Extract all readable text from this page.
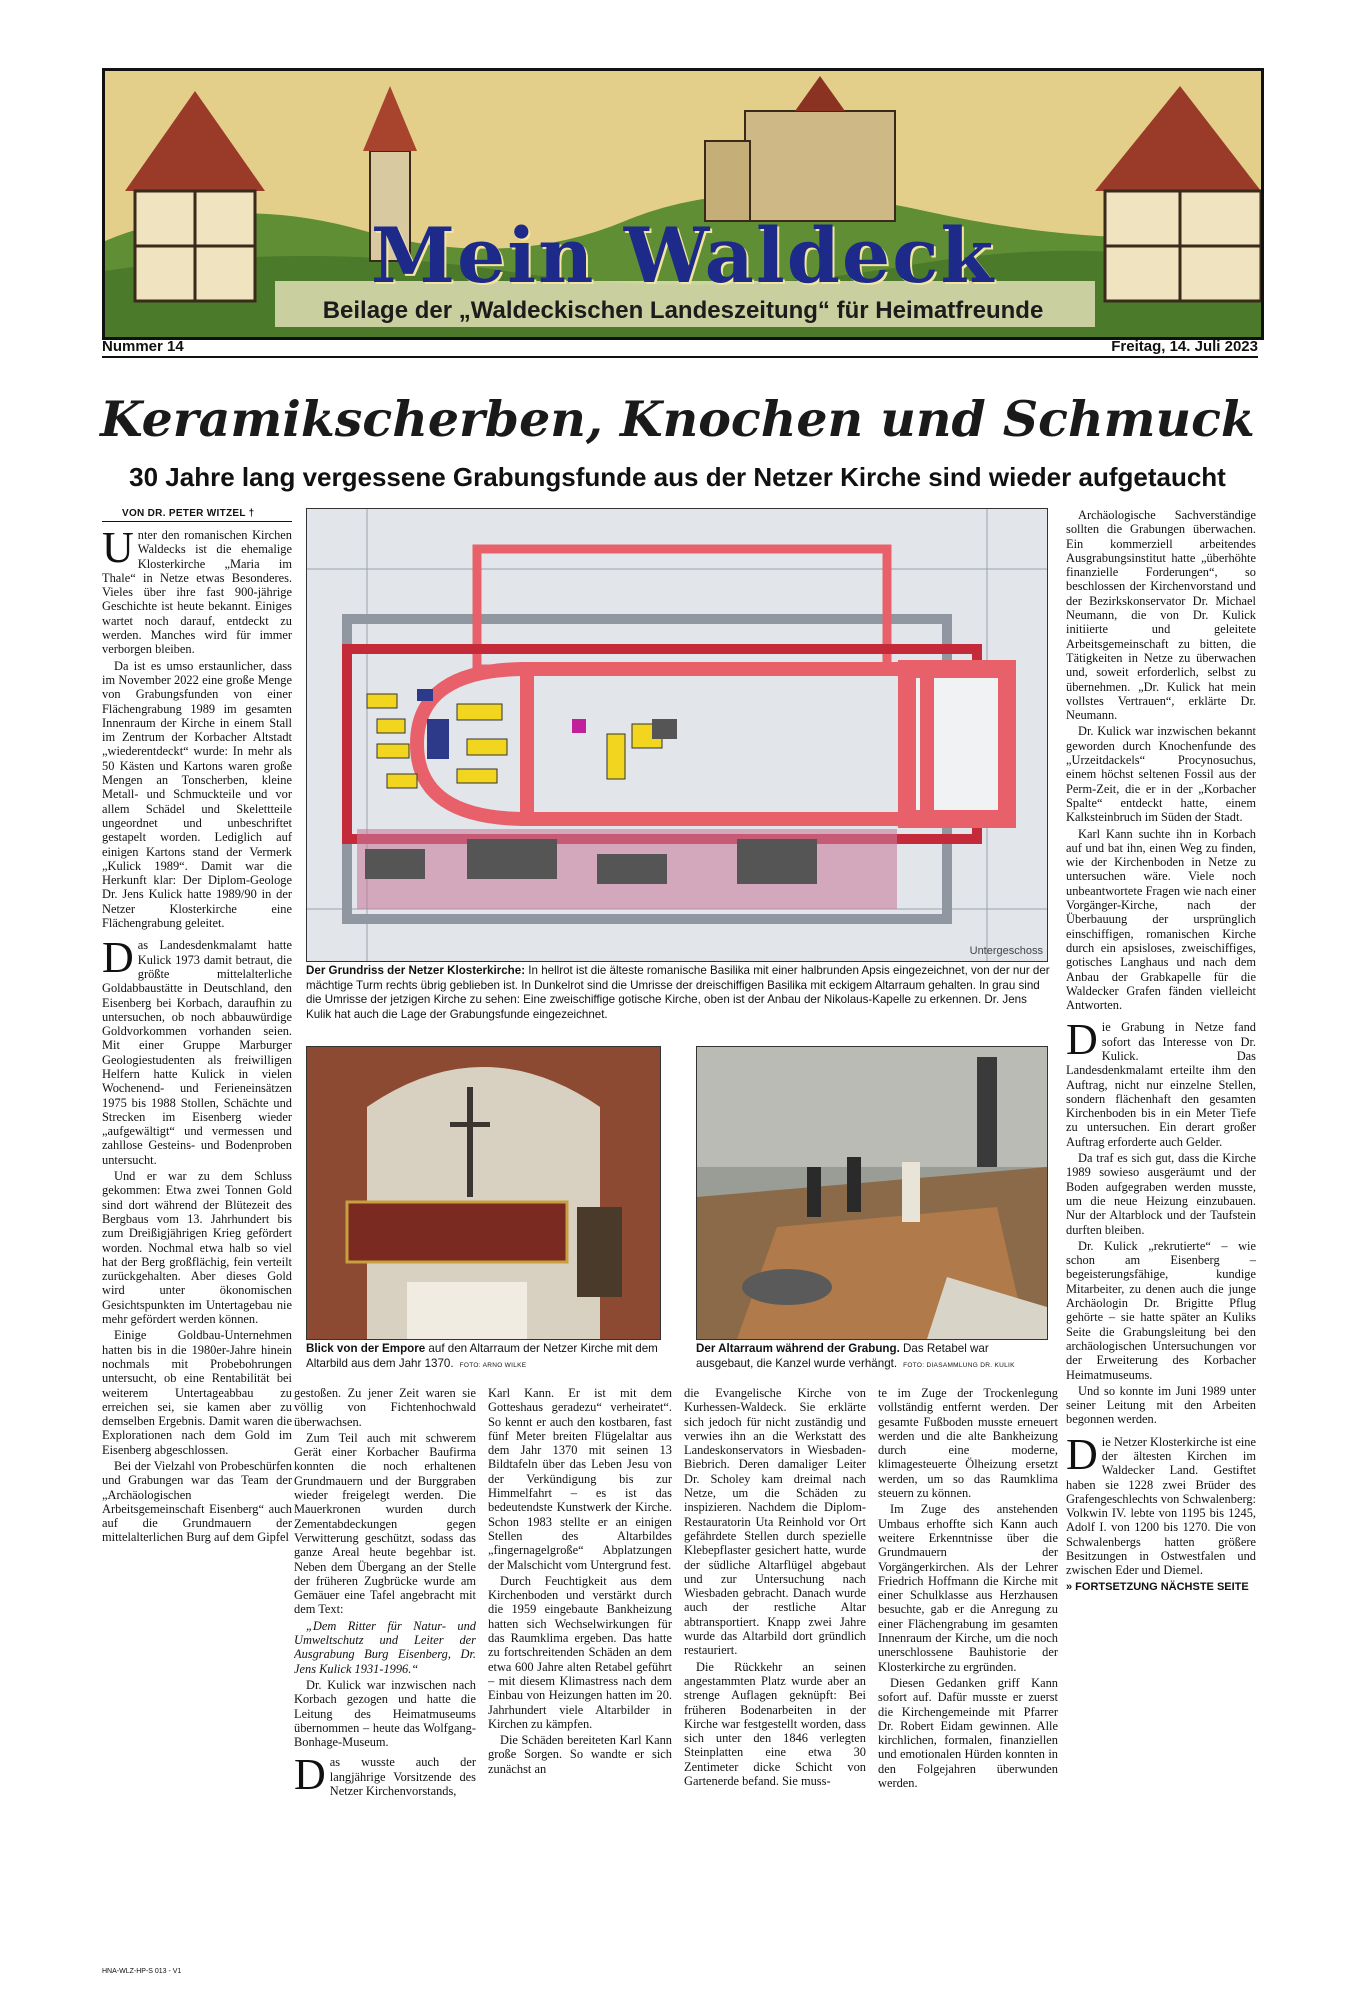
Mein Waldeck
Beilage der „Waldeckischen Landeszeitung“ für Heimatfreunde
Nummer 14	Freitag, 14. Juli 2023
Keramikscherben, Knochen und Schmuck
30 Jahre lang vergessene Grabungsfunde aus der Netzer Kirche sind wieder aufgetaucht
VON DR. PETER WITZEL †

Unter den romanischen Kirchen Waldecks ist die ehemalige Klosterkirche „Maria im Thale“ in Netze etwas Besonderes. Vieles über ihre fast 900-jährige Geschichte ist heute bekannt. Einiges wartet noch darauf, entdeckt zu werden. Manches wird für immer verborgen bleiben.

Da ist es umso erstaunlicher, dass im November 2022 eine große Menge von Grabungsfunden von einer Flächengrabung 1989 im gesamten Innenraum der Kirche in einem Stall im Zentrum der Korbacher Altstadt „wiederentdeckt“ wurde: In mehr als 50 Kästen und Kartons waren große Mengen an Tonscherben, kleine Metall- und Schmuckteile und vor allem Schädel und Skelettteile ungeordnet und unbeschriftet gestapelt worden. Lediglich auf einigen Kartons stand der Vermerk „Kulick 1989“. Damit war die Herkunft klar: Der Diplom-Geologe Dr. Jens Kulick hatte 1989/90 in der Netzer Klosterkirche eine Flächengrabung geleitet.

Das Landesdenkmalamt hatte Kulick 1973 damit betraut, die größte mittelalterliche Goldabbaustätte in Deutschland, den Eisenberg bei Korbach, daraufhin zu untersuchen, ob noch abbauwürdige Goldvorkommen vorhanden seien. Mit einer Gruppe Marburger Geologiestudenten als freiwilligen Helfern hatte Kulick in vielen Wochenend- und Ferieneinsätzen 1975 bis 1988 Stollen, Schächte und Strecken im Eisenberg wieder „aufgewältigt“ und vermessen und zahllose Gesteins- und Bodenproben untersucht.

Und er war zu dem Schluss gekommen: Etwa zwei Tonnen Gold sind dort während der Blütezeit des Bergbaus vom 13. Jahrhundert bis zum Dreißigjährigen Krieg gefördert worden. Nochmal etwa halb so viel hat der Berg großflächig, fein verteilt zurückgehalten. Aber dieses Gold wird unter ökonomischen Gesichtspunkten im Untertagebau nie mehr gefördert werden können.

Einige Goldbau-Unternehmen hatten bis in die 1980er-Jahre hinein nochmals mit Probebohrungen untersucht, ob eine Rentabilität bei weiterem Untertageabbau zu erreichen sei, sie kamen aber zu demselben Ergebnis. Damit waren die Explorationen nach dem Gold im Eisenberg abgeschlossen.

Bei der Vielzahl von Probeschürfen und Grabungen war das Team der „Archäologischen Arbeitsgemeinschaft Eisenberg“ auch auf die Grundmauern der mittelalterlichen Burg auf dem Gipfel

Untergeschoss
Der Grundriss der Netzer Klosterkirche: In hellrot ist die älteste romanische Basilika mit einer halbrunden Apsis eingezeichnet, von der nur der mächtige Turm rechts übrig geblieben ist. In Dunkelrot sind die Umrisse der dreischiffigen Basilika mit eckigem Altarraum gehalten. In grau sind die Umrisse der jetzigen Kirche zu sehen: Eine zweischiffige gotische Kirche, oben ist der Anbau der Nikolaus-Kapelle zu erkennen. Dr. Jens Kulik hat auch die Lage der Grabungsfunde eingezeichnet.
Blick von der Empore auf den Altarraum der Netzer Kirche mit dem Altarbild aus dem Jahr 1370. FOTO: ARNO WILKE
Der Altarraum während der Grabung. Das Retabel war ausgebaut, die Kanzel wurde verhängt. FOTO: DIASAMMLUNG DR. KULIK

gestoßen. Zu jener Zeit waren sie völlig von Fichtenhochwald überwachsen.

Zum Teil auch mit schwerem Gerät einer Korbacher Baufirma konnten die noch erhaltenen Grundmauern und der Burggraben wieder freigelegt werden. Die Mauerkronen wurden durch Zementabdeckungen gegen Verwitterung geschützt, sodass das ganze Areal heute begehbar ist. Neben dem Übergang an der Stelle der früheren Zugbrücke wurde am Gemäuer eine Tafel angebracht mit dem Text:

„Dem Ritter für Natur- und Umweltschutz und Leiter der Ausgrabung Burg Eisenberg, Dr. Jens Kulick 1931-1996.“

Dr. Kulick war inzwischen nach Korbach gezogen und hatte die Leitung des Heimatmuseums übernommen – heute das Wolfgang-Bonhage-Museum.

Das wusste auch der langjährige Vorsitzende des Netzer Kirchenvorstands,

Karl Kann. Er ist mit dem Gotteshaus geradezu“ verheiratet“. So kennt er auch den kostbaren, fast fünf Meter breiten Flügelaltar aus dem Jahr 1370 mit seinen 13 Bildtafeln über das Leben Jesu von der Verkündigung bis zur Himmelfahrt – es ist das bedeutendste Kunstwerk der Kirche. Schon 1983 stellte er an einigen Stellen des Altarbildes „fingernagelgroße“ Abplatzungen der Malschicht vom Untergrund fest.

Durch Feuchtigkeit aus dem Kirchenboden und verstärkt durch die 1959 eingebaute Bankheizung hatten sich Wechselwirkungen für das Raumklima ergeben. Das hatte zu fortschreitenden Schäden an dem etwa 600 Jahre alten Retabel geführt – mit diesem Klimastress nach dem Einbau von Heizungen hatten im 20. Jahrhundert viele Altarbilder in Kirchen zu kämpfen.

Die Schäden bereiteten Karl Kann große Sorgen. So wandte er sich zunächst an

die Evangelische Kirche von Kurhessen-Waldeck. Sie erklärte sich jedoch für nicht zuständig und verwies ihn an die Werkstatt des Landeskonservators in Wiesbaden-Biebrich. Deren damaliger Leiter Dr. Scholey kam dreimal nach Netze, um die Schäden zu inspizieren. Nachdem die Diplom-Restauratorin Uta Reinhold vor Ort gefährdete Stellen durch spezielle Klebepflaster gesichert hatte, wurde der südliche Altarflügel abgebaut und zur Untersuchung nach Wiesbaden gebracht. Danach wurde auch der restliche Altar abtransportiert. Knapp zwei Jahre wurde das Altarbild dort gründlich restauriert.

Die Rückkehr an seinen angestammten Platz wurde aber an strenge Auflagen geknüpft: Bei früheren Bodenarbeiten in der Kirche war festgestellt worden, dass sich unter den 1846 verlegten Steinplatten eine etwa 30 Zentimeter dicke Schicht von Gartenerde befand. Sie muss-

te im Zuge der Trockenlegung vollständig entfernt werden. Der gesamte Fußboden musste erneuert werden und die alte Bankheizung durch eine moderne, klimagesteuerte Ölheizung ersetzt werden, um so das Raumklima steuern zu können.

Im Zuge des anstehenden Umbaus erhoffte sich Kann auch weitere Erkenntnisse über die Grundmauern der Vorgängerkirchen. Als der Lehrer Friedrich Hoffmann die Kirche mit einer Schulklasse aus Herzhausen besuchte, gab er die Anregung zu einer Flächengrabung im gesamten Innenraum der Kirche, um die noch unerschlossene Bauhistorie der Klosterkirche zu ergründen.

Diesen Gedanken griff Kann sofort auf. Dafür musste er zuerst die Kirchengemeinde mit Pfarrer Dr. Robert Eidam gewinnen. Alle kirchlichen, formalen, finanziellen und emotionalen Hürden konnten in den Folgejahren überwunden werden.

Archäologische Sachverständige sollten die Grabungen überwachen. Ein kommerziell arbeitendes Ausgrabungsinstitut hatte „überhöhte finanzielle Forderungen“, so beschlossen der Kirchenvorstand und der Bezirkskonservator Dr. Michael Neumann, die von Dr. Kulick initiierte und geleitete Arbeitsgemeinschaft zu bitten, die Tätigkeiten in Netze zu überwachen und, soweit erforderlich, selbst zu übernehmen. „Dr. Kulick hat mein vollstes Vertrauen“, erklärte Dr. Neumann.

Dr. Kulick war inzwischen bekannt geworden durch Knochenfunde des „Urzeitdackels“ Procynosuchus, einem höchst seltenen Fossil aus der Perm-Zeit, die er in der „Korbacher Spalte“ entdeckt hatte, einem Kalksteinbruch im Süden der Stadt.

Karl Kann suchte ihn in Korbach auf und bat ihn, einen Weg zu finden, wie der Kirchenboden in Netze zu untersuchen wäre. Viele noch unbeantwortete Fragen wie nach einer Vorgänger-Kirche, nach der Überbauung der ursprünglich einschiffigen, romanischen Kirche durch ein apsisloses, zweischiffiges, gotisches Langhaus und nach dem Anbau der Grabkapelle für die Waldecker Grafen fänden vielleicht Antworten.

Die Grabung in Netze fand sofort das Interesse von Dr. Kulick. Das Landesdenkmalamt erteilte ihm den Auftrag, nicht nur einzelne Stellen, sondern flächenhaft den gesamten Kirchenboden bis in ein Meter Tiefe zu untersuchen. Ein derart großer Auftrag erforderte auch Gelder.

Da traf es sich gut, dass die Kirche 1989 sowieso ausgeräumt und der Boden aufgegraben werden musste, um die neue Heizung einzubauen. Nur der Altarblock und der Taufstein durften bleiben.

Dr. Kulick „rekrutierte“ – wie schon am Eisenberg – begeisterungsfähige, kundige Mitarbeiter, zu denen auch die junge Archäologin Dr. Brigitte Pflug gehörte – sie hatte später an Kuliks Seite die Grabungsleitung bei den archäologischen Untersuchungen vor der Erweiterung des Korbacher Heimatmuseums.

Und so konnte im Juni 1989 unter seiner Leitung mit den Arbeiten begonnen werden.

Die Netzer Klosterkirche ist eine der ältesten Kirchen im Waldecker Land. Gestiftet haben sie 1228 zwei Brüder des Grafengeschlechts von Schwalenberg: Volkwin IV. lebte von 1195 bis 1245, Adolf I. von 1200 bis 1270. Die von Schwalenbergs hatten größere Besitzungen in Ostwestfalen und zwischen Eder und Diemel.

» FORTSETZUNG NÄCHSTE SEITE

HNA-WLZ-HP-S 013 - V1
